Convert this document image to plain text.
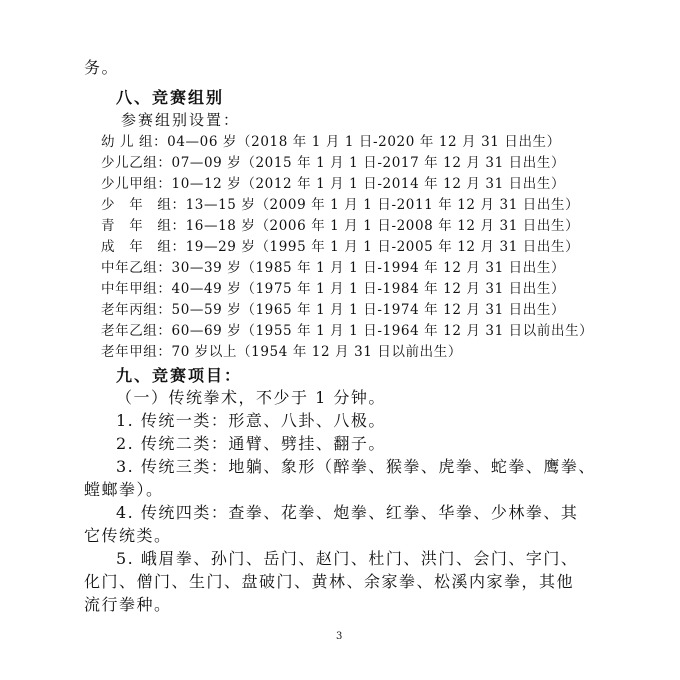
务。
八、竞赛组别
参赛组别设置：
幼 儿 组：04—06 岁（2018 年 1 月 1 日-2020 年 12 月 31 日出生）
少儿乙组：07—09 岁（2015 年 1 月 1 日-2017 年 12 月 31 日出生）
少儿甲组：10—12 岁（2012 年 1 月 1 日-2014 年 12 月 31 日出生）
少　年　组：13—15 岁（2009 年 1 月 1 日-2011 年 12 月 31 日出生）
青　年　组：16—18 岁（2006 年 1 月 1 日-2008 年 12 月 31 日出生）
成　年　组：19—29 岁（1995 年 1 月 1 日-2005 年 12 月 31 日出生）
中年乙组：30—39 岁（1985 年 1 月 1 日-1994 年 12 月 31 日出生）
中年甲组：40—49 岁（1975 年 1 月 1 日-1984 年 12 月 31 日出生）
老年丙组：50—59 岁（1965 年 1 月 1 日-1974 年 12 月 31 日出生）
老年乙组：60—69 岁（1955 年 1 月 1 日-1964 年 12 月 31 日以前出生）
老年甲组：70 岁以上（1954 年 12 月 31 日以前出生）
九、竞赛项目：
（一）传统拳术，不少于 1 分钟。
1. 传统一类：形意、八卦、八极。
2. 传统二类：通臂、劈挂、翻子。
3. 传统三类：地躺、象形（醉拳、猴拳、虎拳、蛇拳、鹰拳、
螳螂拳）。
4. 传统四类：查拳、花拳、炮拳、红拳、华拳、少林拳、其
它传统类。
5. 峨眉拳、孙门、岳门、赵门、杜门、洪门、会门、字门、
化门、僧门、生门、盘破门、黄林、余家拳、松溪内家拳，其他
流行拳种。
3
